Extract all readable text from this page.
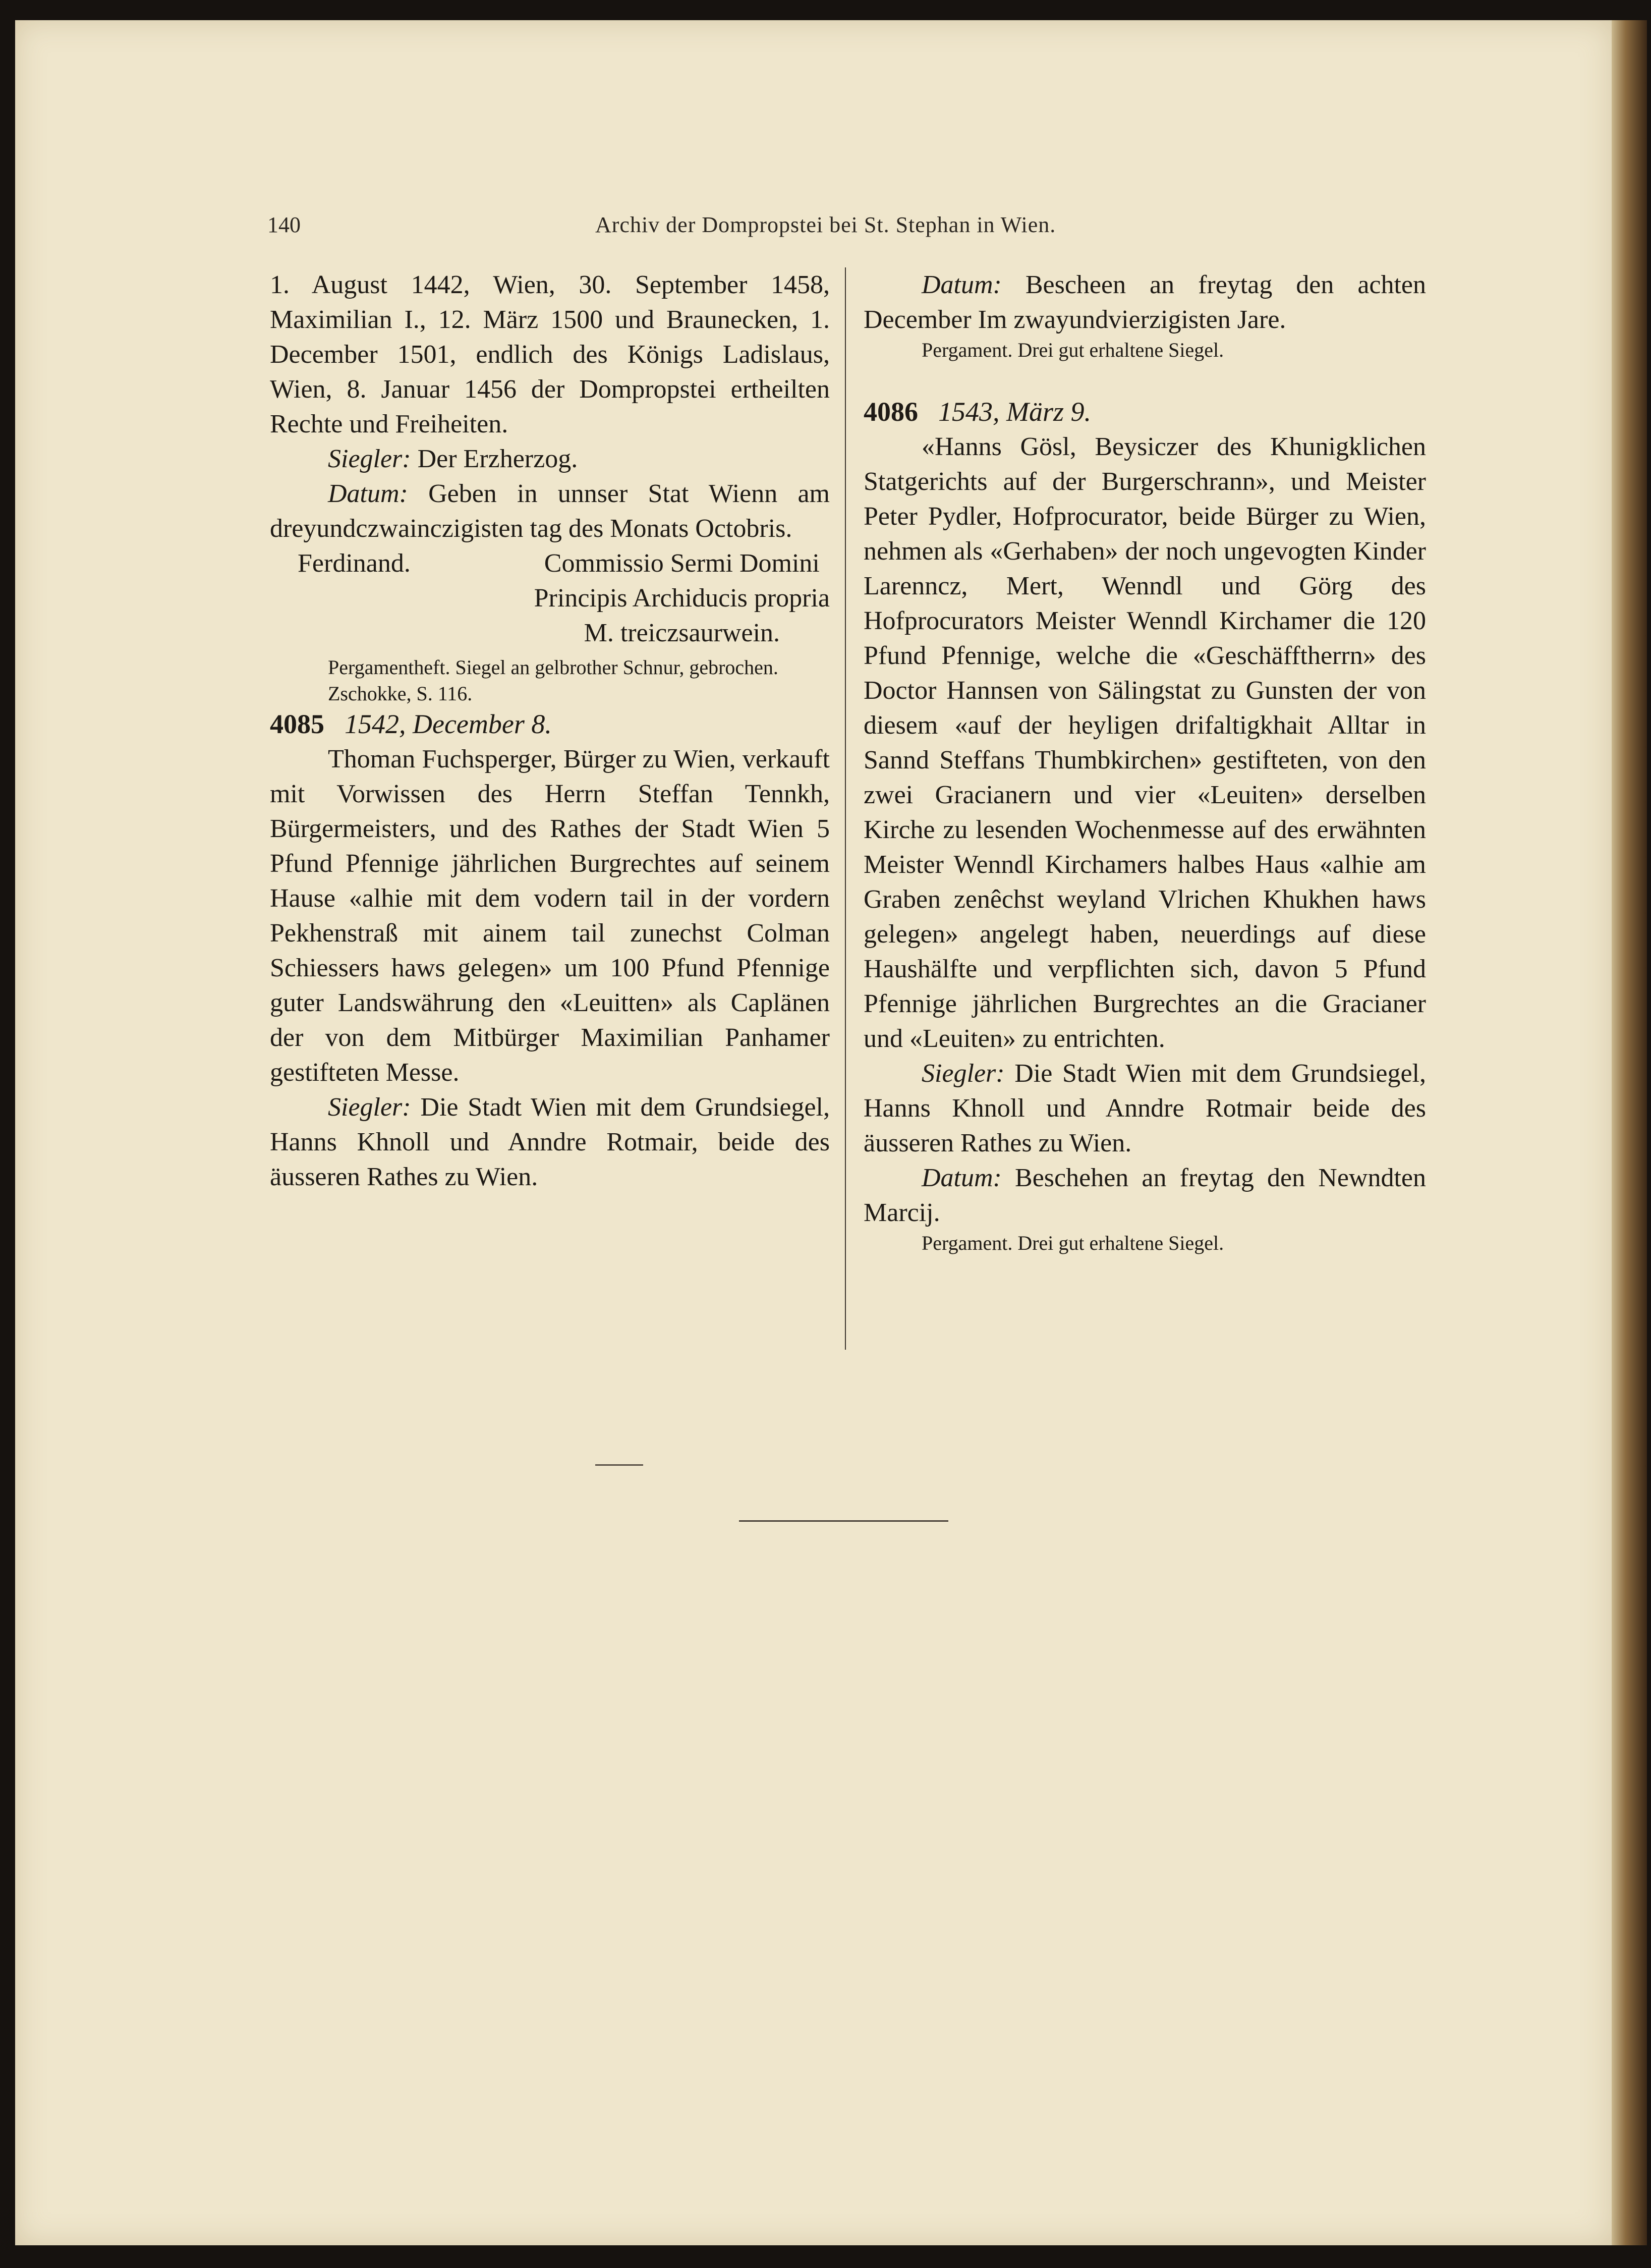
140	Archiv der Dompropstei bei St. Stephan in Wien.

1. August 1442, Wien, 30. September 1458, Maximilian I., 12. März 1500 und Braunecken, 1. December 1501, endlich des Königs Ladislaus, Wien, 8. Januar 1456 der Dompropstei ertheilten Rechte und Freiheiten.

Siegler: Der Erzherzog.

Datum: Geben in unnser Stat Wienn am dreyundczwainczigisten tag des Monats Octobris.

Ferdinand.	Commissio Sermi Domini
Principis Archiducis propria
M. treiczsaurwein.

Pergamentheft. Siegel an gelbrother Schnur, gebrochen.

Zschokke, S. 116.

4085 1542, December 8.

Thoman Fuchsperger, Bürger zu Wien, verkauft mit Vorwissen des Herrn Steffan Tennkh, Bürgermeisters, und des Rathes der Stadt Wien 5 Pfund Pfennige jährlichen Burgrechtes auf seinem Hause «alhie mit dem vodern tail in der vordern Pekhenstraß mit ainem tail zunechst Colman Schiessers haws gelegen» um 100 Pfund Pfennige guter Landswährung den «Leuitten» als Caplänen der von dem Mitbürger Maximilian Panhamer gestifteten Messe.

Siegler: Die Stadt Wien mit dem Grundsiegel, Hanns Khnoll und Anndre Rotmair, beide des äusseren Rathes zu Wien.

Datum: Bescheen an freytag den achten December Im zwayundvierzigisten Jare.

Pergament. Drei gut erhaltene Siegel.

4086 1543, März 9.

«Hanns Gösl, Beysiczer des Khunigklichen Statgerichts auf der Burgerschrann», und Meister Peter Pydler, Hofprocurator, beide Bürger zu Wien, nehmen als «Gerhaben» der noch ungevogten Kinder Larenncz, Mert, Wenndl und Görg des Hofprocurators Meister Wenndl Kirchamer die 120 Pfund Pfennige, welche die «Geschäfftherrn» des Doctor Hannsen von Sälingstat zu Gunsten der von diesem «auf der heyligen drifaltigkhait Alltar in Sannd Steffans Thumbkirchen» gestifteten, von den zwei Gracianern und vier «Leuiten» derselben Kirche zu lesenden Wochenmesse auf des erwähnten Meister Wenndl Kirchamers halbes Haus «alhie am Graben zenêchst weyland Vlrichen Khukhen haws gelegen» angelegt haben, neuerdings auf diese Haushälfte und verpflichten sich, davon 5 Pfund Pfennige jährlichen Burgrechtes an die Gracianer und «Leuiten» zu entrichten.

Siegler: Die Stadt Wien mit dem Grundsiegel, Hanns Khnoll und Anndre Rotmair beide des äusseren Rathes zu Wien.

Datum: Beschehen an freytag den Newndten Marcij.

Pergament. Drei gut erhaltene Siegel.
